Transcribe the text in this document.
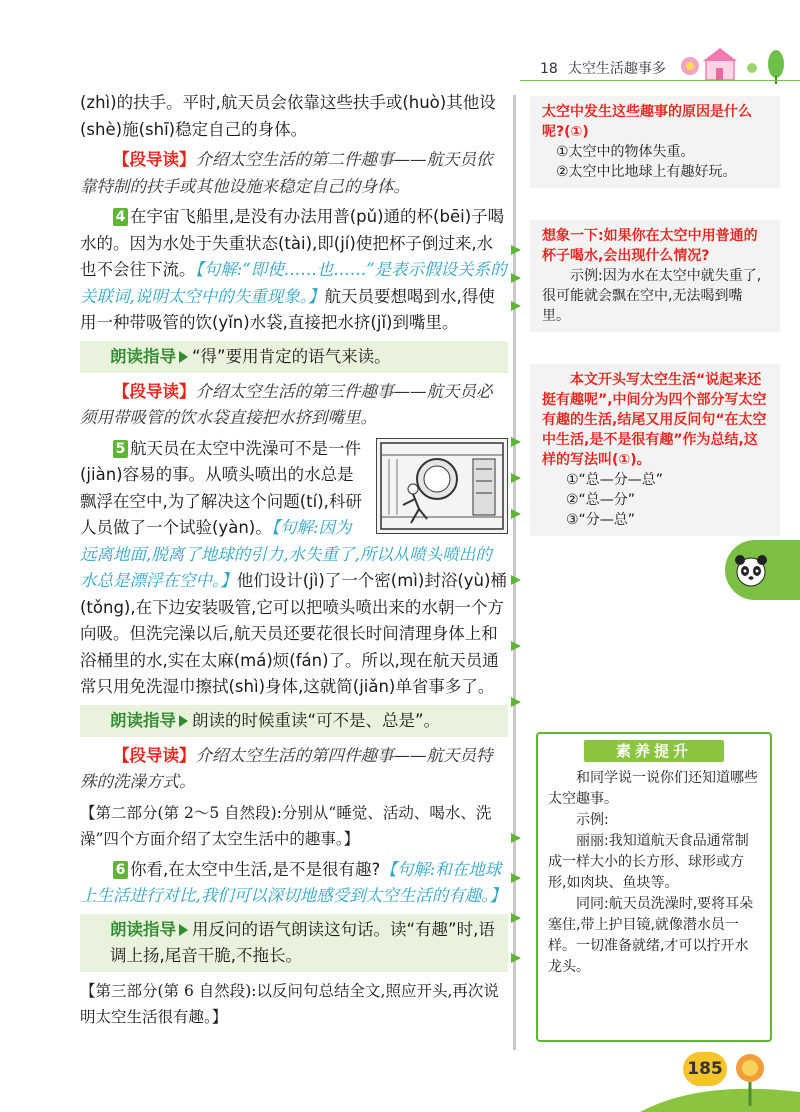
18 太空生活趣事多

(zhì)的扶手。平时,航天员会依靠这些扶手或(huò)其他设(shè)施(shī)稳定自己的身体。

【段导读】介绍太空生活的第二件趣事——航天员依靠特制的扶手或其他设施来稳定自己的身体。

4 在宇宙飞船里,是没有办法用普(pǔ)通的杯(bēi)子喝水的。因为水处于失重状态(tài),即(jí)使把杯子倒过来,水也不会往下流。【句解:“即使……也……”是表示假设关系的关联词,说明太空中的失重现象。】航天员要想喝到水,得使用一种带吸管的饮(yǐn)水袋,直接把水挤(jǐ)到嘴里。

朗读指导 “得”要用肯定的语气来读。

【段导读】介绍太空生活的第三件趣事——航天员必须用带吸管的饮水袋直接把水挤到嘴里。

5 航天员在太空中洗澡可不是一件(jiàn)容易的事。从喷头喷出的水总是飘浮在空中,为了解决这个问题(tí),科研人员做了一个试验(yàn)。【句解:因为远离地面,脱离了地球的引力,水失重了,所以从喷头喷出的水总是漂浮在空中。】他们设计(jì)了一个密(mì)封浴(yù)桶(tǒng),在下边安装吸管,它可以把喷头喷出来的水朝一个方向吸。但洗完澡以后,航天员还要花很长时间清理身体上和浴桶里的水,实在太麻(má)烦(fán)了。所以,现在航天员通常只用免洗湿巾擦拭(shì)身体,这就简(jiǎn)单省事多了。

朗读指导 朗读的时候重读“可不是、总是”。

【段导读】介绍太空生活的第四件趣事——航天员特殊的洗澡方式。

【第二部分(第 2～5 自然段):分别从“睡觉、活动、喝水、洗澡”四个方面介绍了太空生活中的趣事。】

6 你看,在太空中生活,是不是很有趣?【句解:和在地球上生活进行对比,我们可以深切地感受到太空生活的有趣。】

朗读指导 用反问的语气朗读这句话。读“有趣”时,语调上扬,尾音干脆,不拖长。

【第三部分(第 6 自然段):以反问句总结全文,照应开头,再次说明太空生活很有趣。】

太空中发生这些趣事的原因是什么呢?(①)

①太空中的物体失重。

②太空中比地球上有趣好玩。

想象一下:如果你在太空中用普通的杯子喝水,会出现什么情况?

示例:因为水在太空中就失重了,很可能就会飘在空中,无法喝到嘴里。

本文开头写太空生活“说起来还挺有趣呢”,中间分为四个部分写太空有趣的生活,结尾又用反问句“在太空中生活,是不是很有趣”作为总结,这样的写法叫(①)。

①“总—分—总”

②“总—分”

③“分—总”

素养提升

和同学说一说你们还知道哪些太空趣事。

示例:

丽丽:我知道航天食品通常制成一样大小的长方形、球形或方形,如肉块、鱼块等。

同同:航天员洗澡时,要将耳朵塞住,带上护目镜,就像潜水员一样。一切准备就绪,才可以拧开水龙头。

185
